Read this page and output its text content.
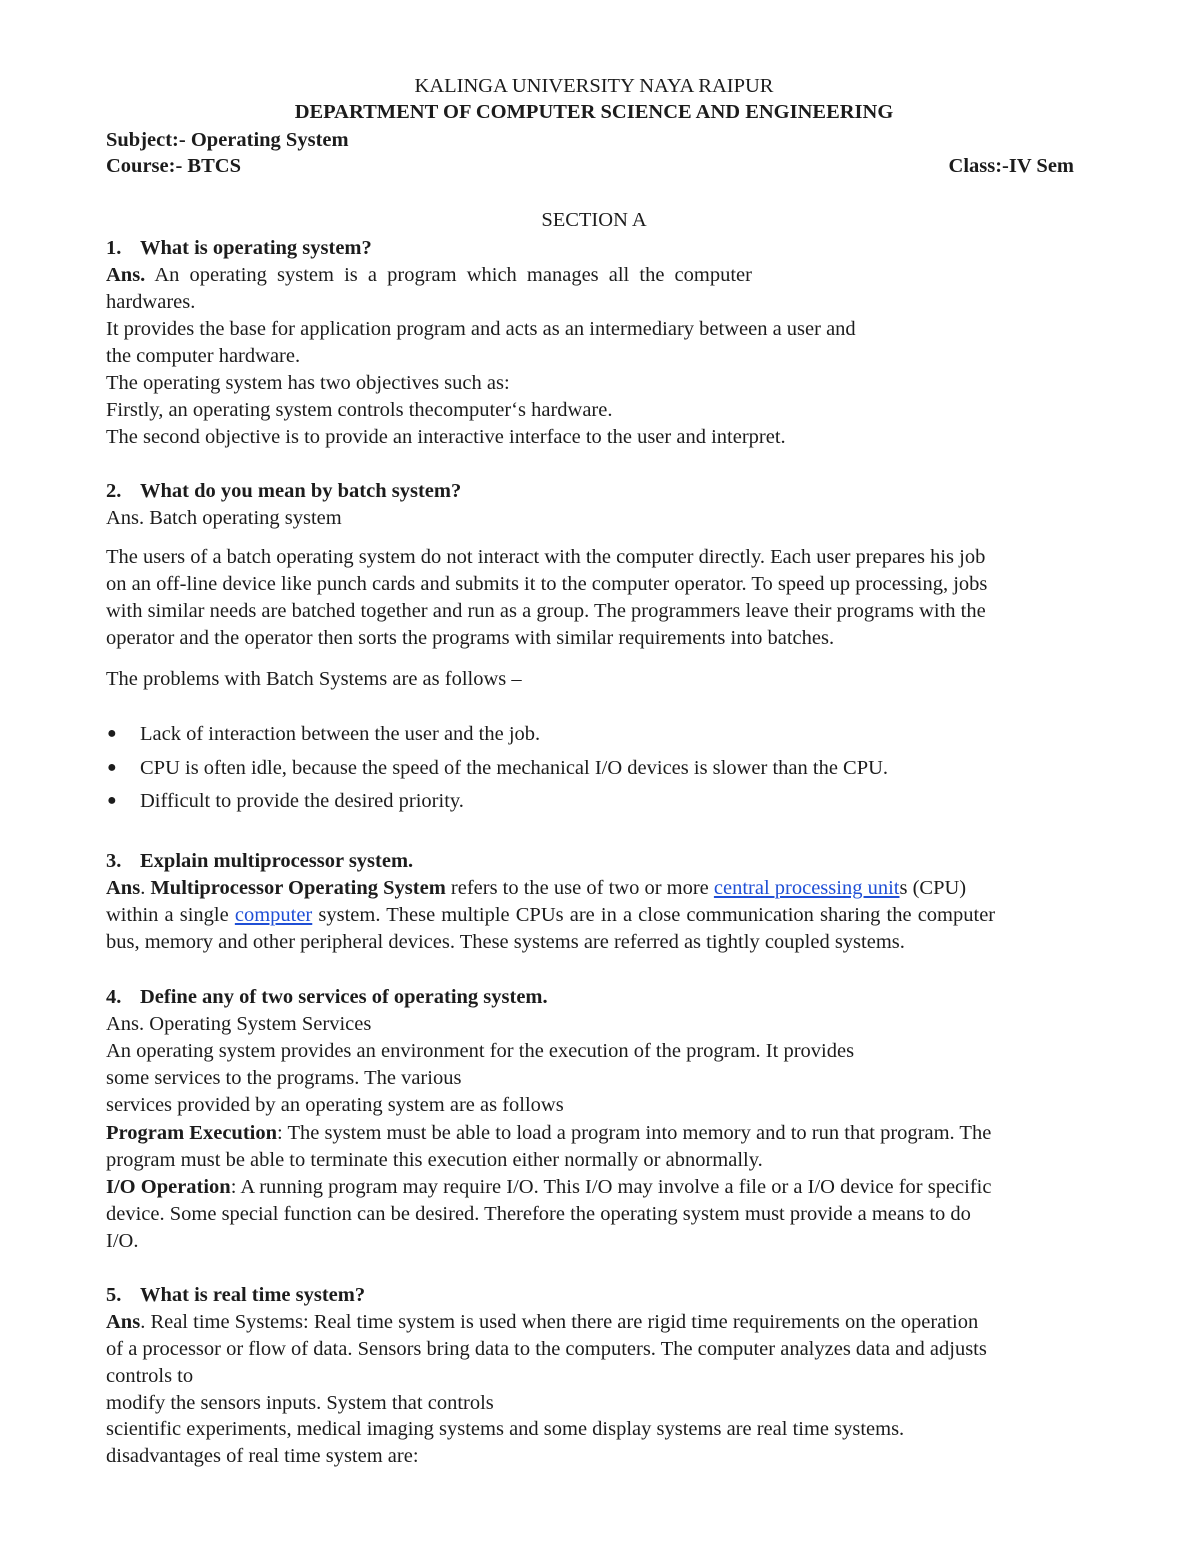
KALINGA UNIVERSITY NAYA RAIPUR
DEPARTMENT OF COMPUTER SCIENCE AND ENGINEERING
Subject:- Operating System
Course:- BTCS	Class:-IV Sem
SECTION A
1. What is operating system?
Ans. An operating system is a program which manages all the computer
hardwares.
It provides the base for application program and acts as an intermediary between a user and
the computer hardware.
The operating system has two objectives such as:
Firstly, an operating system controls thecomputer‘s hardware.
The second objective is to provide an interactive interface to the user and interpret.
2. What do you mean by batch system?
Ans. Batch operating system
The users of a batch operating system do not interact with the computer directly. Each user prepares his job
on an off-line device like punch cards and submits it to the computer operator. To speed up processing, jobs
with similar needs are batched together and run as a group. The programmers leave their programs with the
operator and the operator then sorts the programs with similar requirements into batches.
The problems with Batch Systems are as follows –
● Lack of interaction between the user and the job.
● CPU is often idle, because the speed of the mechanical I/O devices is slower than the CPU.
● Difficult to provide the desired priority.
3. Explain multiprocessor system.
Ans. Multiprocessor Operating System refers to the use of two or more central processing units (CPU)
within a single computer system. These multiple CPUs are in a close communication sharing the computer
bus, memory and other peripheral devices. These systems are referred as tightly coupled systems.
4. Define any of two services of operating system.
Ans. Operating System Services
An operating system provides an environment for the execution of the program. It provides
some services to the programs. The various
services provided by an operating system are as follows
Program Execution: The system must be able to load a program into memory and to run that program. The
program must be able to terminate this execution either normally or abnormally.
I/O Operation: A running program may require I/O. This I/O may involve a file or a I/O device for specific
device. Some special function can be desired. Therefore the operating system must provide a means to do
I/O.
5. What is real time system?
Ans. Real time Systems: Real time system is used when there are rigid time requirements on the operation
of a processor or flow of data. Sensors bring data to the computers. The computer analyzes data and adjusts
controls to
modify the sensors inputs. System that controls
scientific experiments, medical imaging systems and some display systems are real time systems.
disadvantages of real time system are:
